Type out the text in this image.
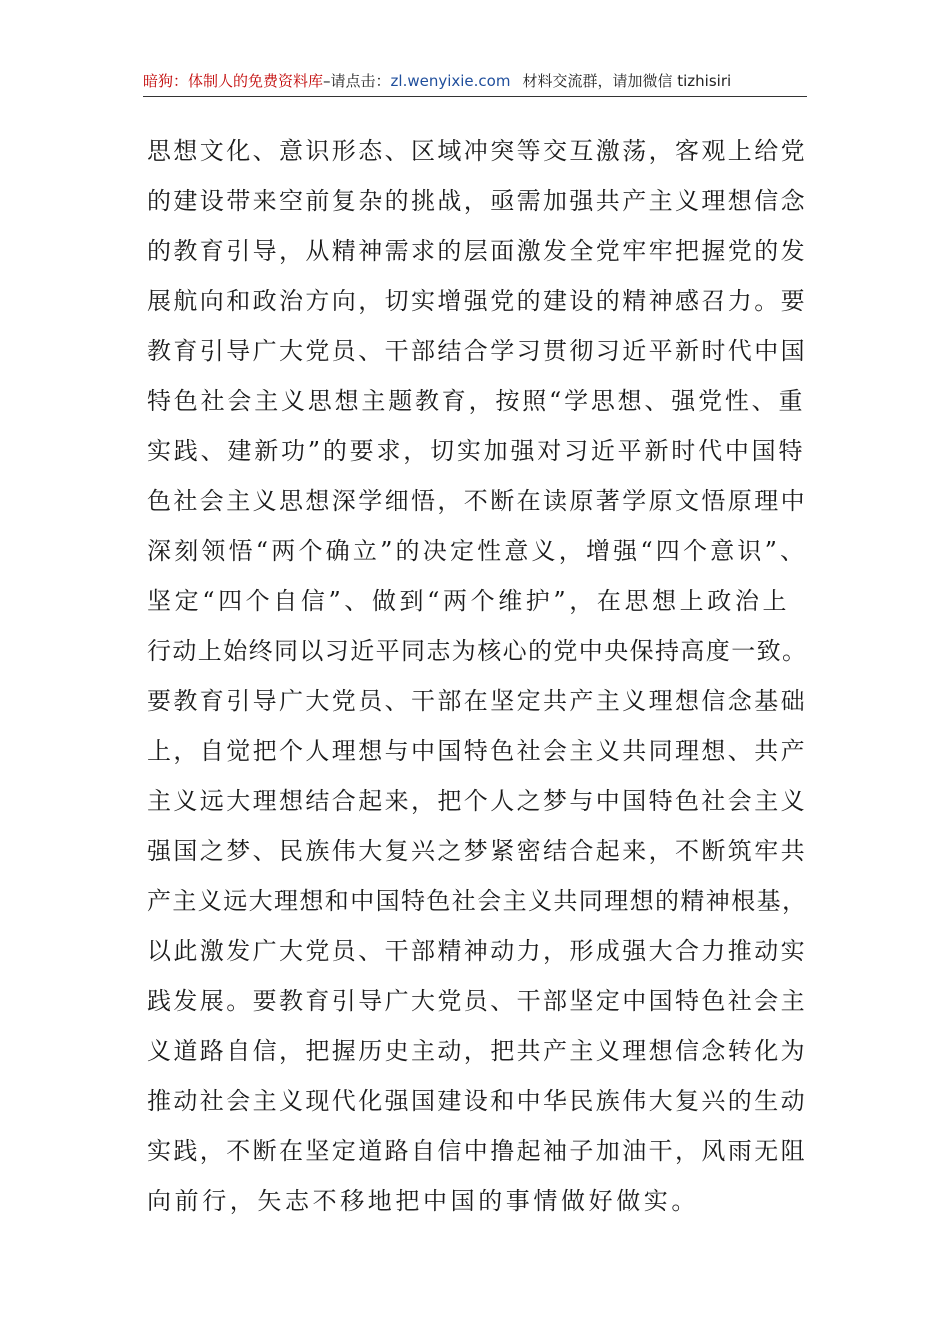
暗狗：体制人的免费资料库–请点击：zl.wenyixie.com 材料交流群，请加微信 tizhisiri
思想文化、意识形态、区域冲突等交互激荡，客观上给党
的建设带来空前复杂的挑战，亟需加强共产主义理想信念
的教育引导，从精神需求的层面激发全党牢牢把握党的发
展航向和政治方向，切实增强党的建设的精神感召力。要
教育引导广大党员、干部结合学习贯彻习近平新时代中国
特色社会主义思想主题教育，按照“学思想、强党性、重
实践、建新功”的要求，切实加强对习近平新时代中国特
色社会主义思想深学细悟，不断在读原著学原文悟原理中
深刻领悟“两个确立”的决定性意义，增强“四个意识”、
坚定“四个自信”、做到“两个维护”，在思想上政治上
行动上始终同以习近平同志为核心的党中央保持高度一致。
要教育引导广大党员、干部在坚定共产主义理想信念基础
上，自觉把个人理想与中国特色社会主义共同理想、共产
主义远大理想结合起来，把个人之梦与中国特色社会主义
强国之梦、民族伟大复兴之梦紧密结合起来，不断筑牢共
产主义远大理想和中国特色社会主义共同理想的精神根基，
以此激发广大党员、干部精神动力，形成强大合力推动实
践发展。要教育引导广大党员、干部坚定中国特色社会主
义道路自信，把握历史主动，把共产主义理想信念转化为
推动社会主义现代化强国建设和中华民族伟大复兴的生动
实践，不断在坚定道路自信中撸起袖子加油干，风雨无阻
向前行，矢志不移地把中国的事情做好做实。
